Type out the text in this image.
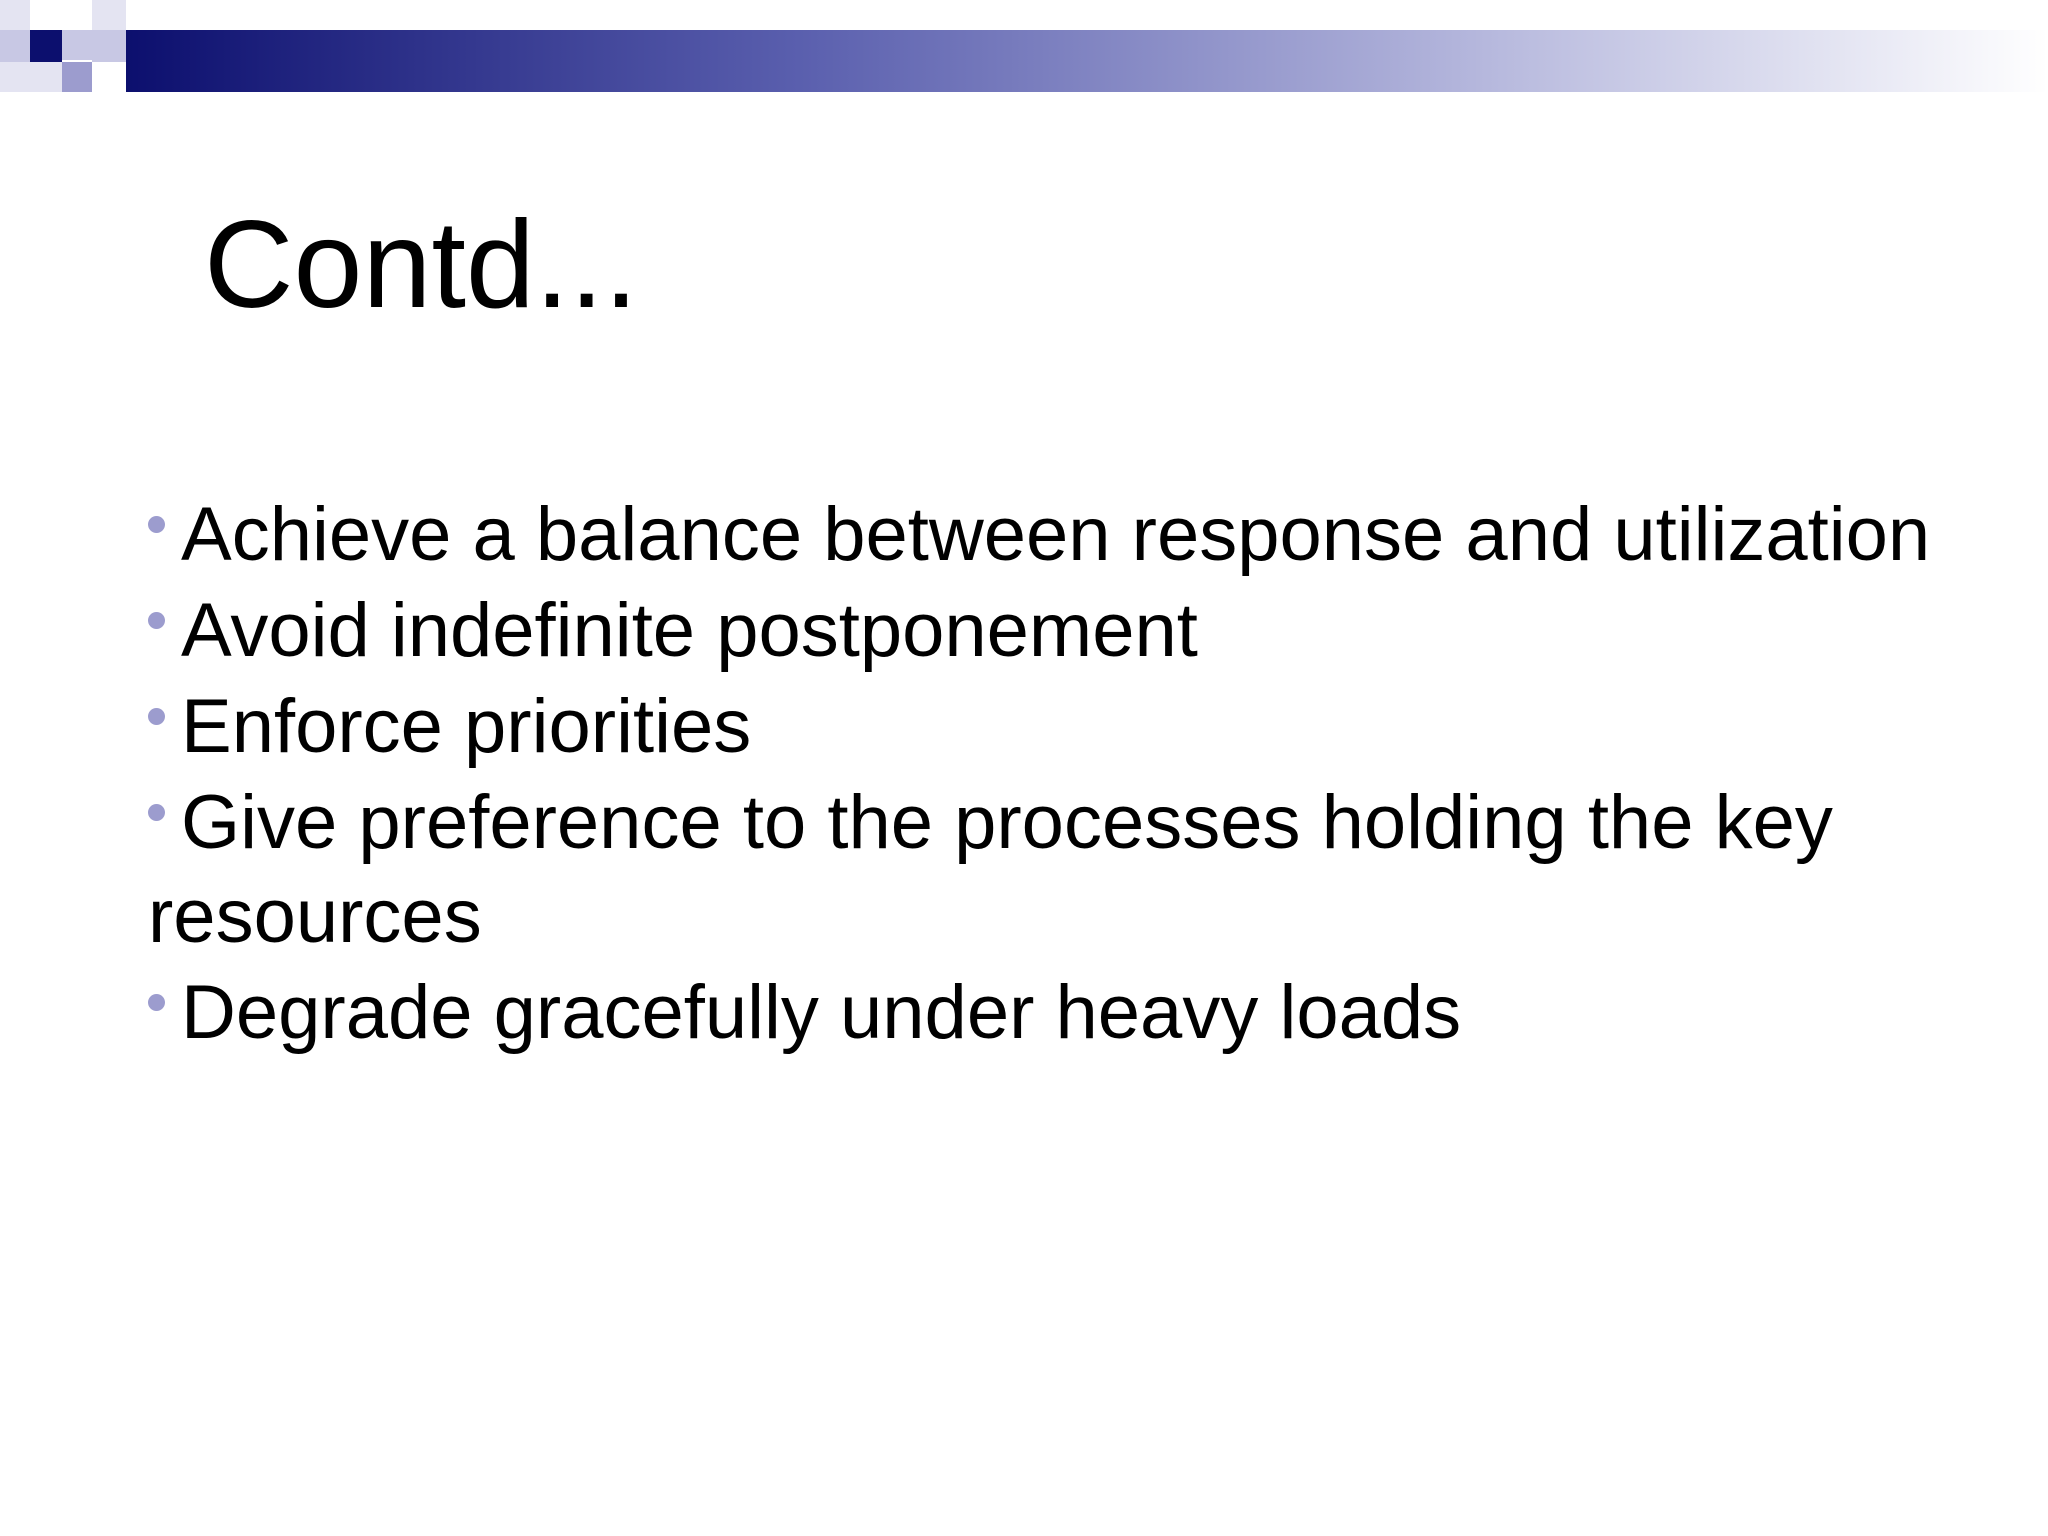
Contd...
Achieve a balance between response and utilization
Avoid indefinite postponement
Enforce priorities
Give preference to the processes holding the key resources
Degrade gracefully under heavy loads
